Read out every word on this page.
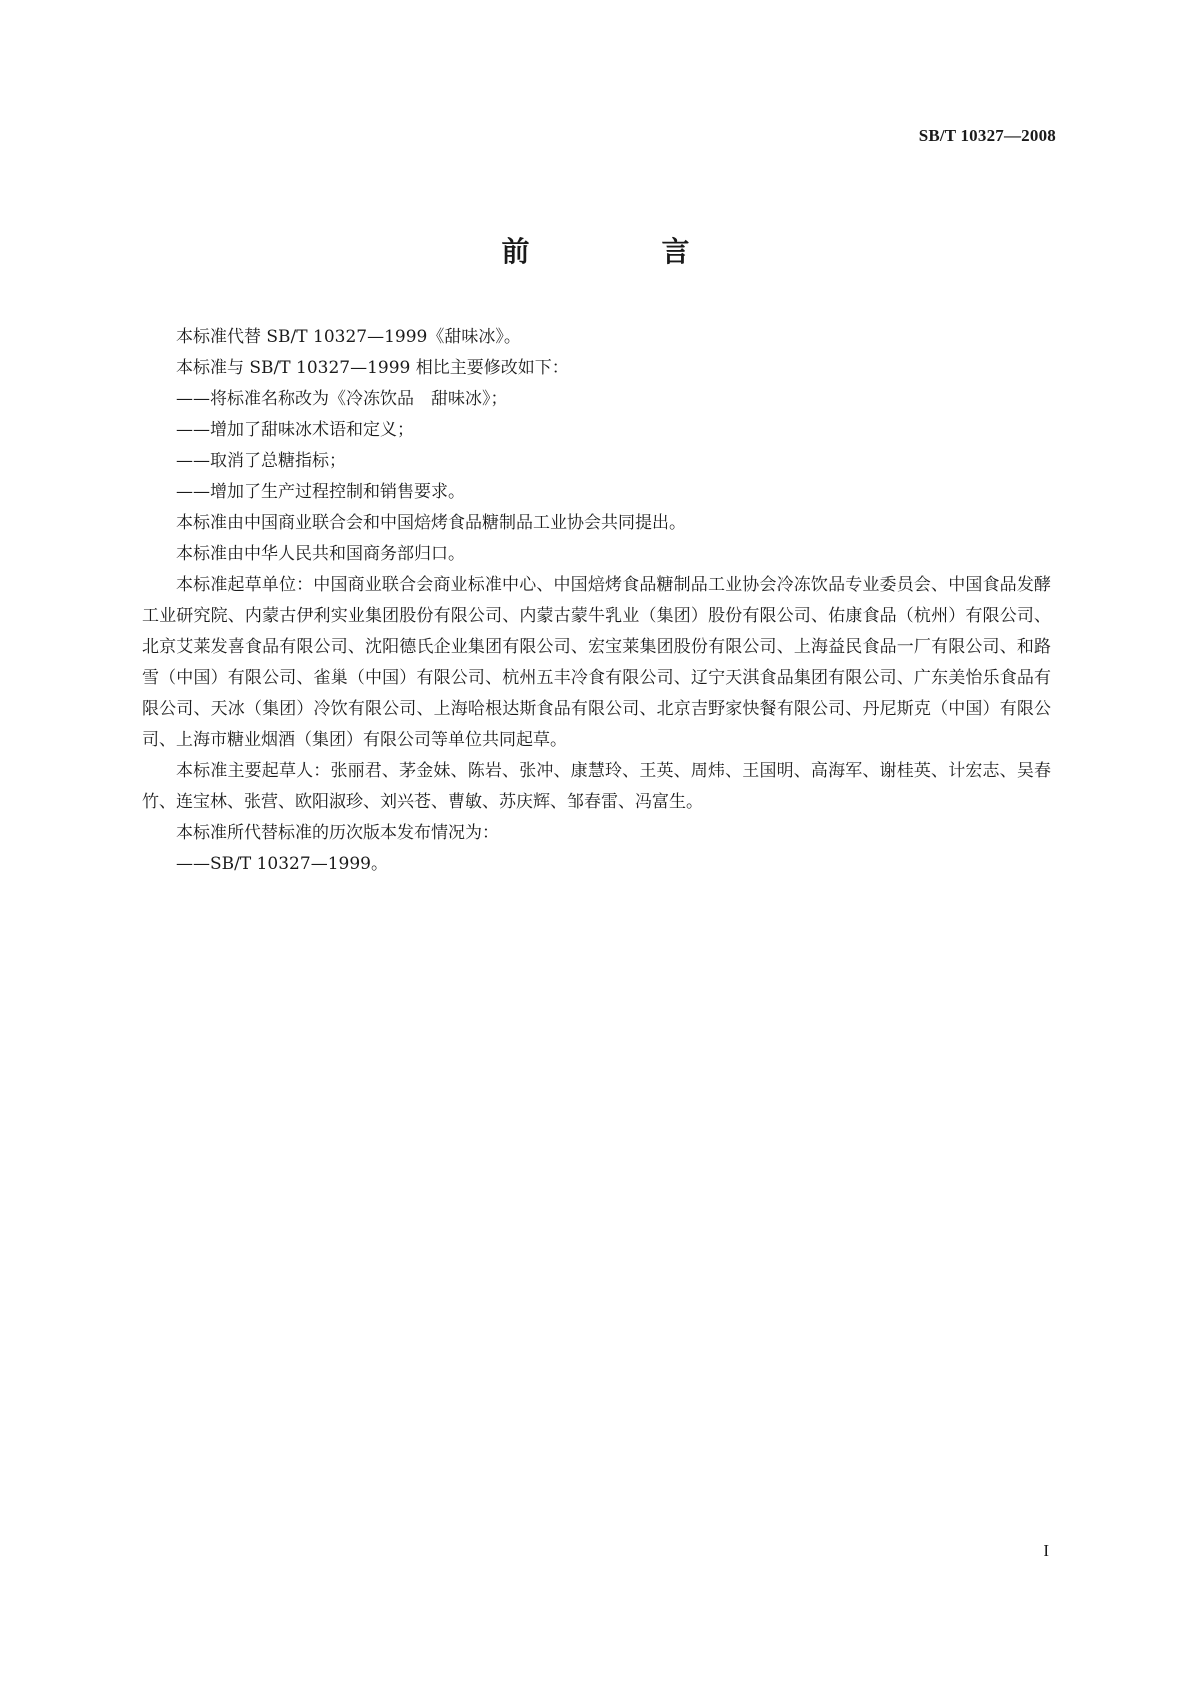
SB/T 10327—2008
前　言

本标准代替 SB/T 10327—1999《甜味冰》。

本标准与 SB/T 10327—1999 相比主要修改如下：

——将标准名称改为《冷冻饮品　甜味冰》；

——增加了甜味冰术语和定义；

——取消了总糖指标；

——增加了生产过程控制和销售要求。

本标准由中国商业联合会和中国焙烤食品糖制品工业协会共同提出。

本标准由中华人民共和国商务部归口。

本标准起草单位：中国商业联合会商业标准中心、中国焙烤食品糖制品工业协会冷冻饮品专业委员会、中国食品发酵工业研究院、内蒙古伊利实业集团股份有限公司、内蒙古蒙牛乳业（集团）股份有限公司、佑康食品（杭州）有限公司、北京艾莱发喜食品有限公司、沈阳德氏企业集团有限公司、宏宝莱集团股份有限公司、上海益民食品一厂有限公司、和路雪（中国）有限公司、雀巢（中国）有限公司、杭州五丰冷食有限公司、辽宁天淇食品集团有限公司、广东美怡乐食品有限公司、天冰（集团）冷饮有限公司、上海哈根达斯食品有限公司、北京吉野家快餐有限公司、丹尼斯克（中国）有限公司、上海市糖业烟酒（集团）有限公司等单位共同起草。

本标准主要起草人：张丽君、茅金妹、陈岩、张冲、康慧玲、王英、周炜、王国明、高海军、谢桂英、计宏志、吴春竹、连宝林、张营、欧阳淑珍、刘兴苍、曹敏、苏庆辉、邹春雷、冯富生。

本标准所代替标准的历次版本发布情况为：

——SB/T 10327—1999。

I
